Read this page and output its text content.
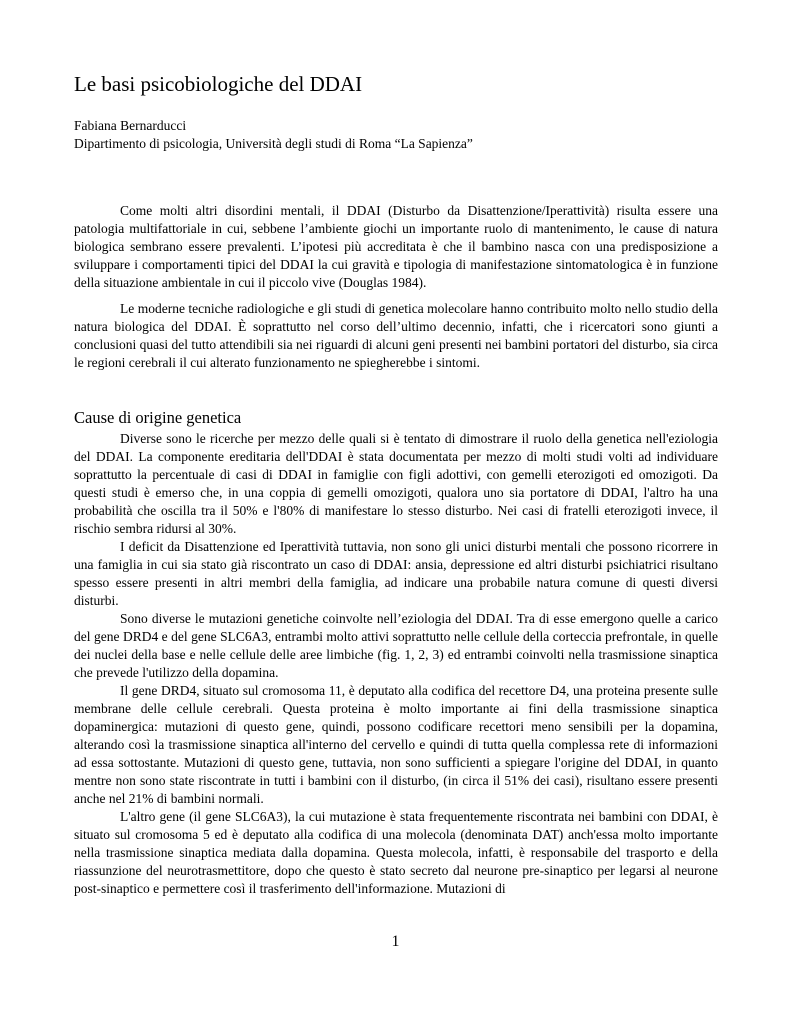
Le basi psicobiologiche del DDAI
Fabiana Bernarducci
Dipartimento di psicologia, Università degli studi di Roma “La Sapienza”

Come molti altri disordini mentali, il DDAI (Disturbo da Disattenzione/Iperattività) risulta essere una patologia multifattoriale in cui, sebbene l’ambiente giochi un importante ruolo di mantenimento, le cause di natura biologica sembrano essere prevalenti. L’ipotesi più accreditata è che il bambino nasca con una predisposizione a sviluppare i comportamenti tipici del DDAI la cui gravità e tipologia di manifestazione sintomatologica è in funzione della situazione ambientale in cui il piccolo vive (Douglas 1984).

Le moderne tecniche radiologiche e gli studi di genetica molecolare hanno contribuito molto nello studio della natura biologica del DDAI. È soprattutto nel corso dell’ultimo decennio, infatti, che i ricercatori sono giunti a conclusioni quasi del tutto attendibili sia nei riguardi di alcuni geni presenti nei bambini portatori del disturbo, sia circa le regioni cerebrali il cui alterato funzionamento ne spiegherebbe i sintomi.

Cause di origine genetica

Diverse sono le ricerche per mezzo delle quali si è tentato di dimostrare il ruolo della genetica nell'eziologia del DDAI. La componente ereditaria dell'DDAI è stata documentata per mezzo di molti studi volti ad individuare soprattutto la percentuale di casi di DDAI in famiglie con figli adottivi, con gemelli eterozigoti ed omozigoti. Da questi studi è emerso che, in una coppia di gemelli omozigoti, qualora uno sia portatore di DDAI, l'altro ha una probabilità che oscilla tra il 50% e l'80% di manifestare lo stesso disturbo. Nei casi di fratelli eterozigoti invece, il rischio sembra ridursi al 30%.

I deficit da Disattenzione ed Iperattività tuttavia, non sono gli unici disturbi mentali che possono ricorrere in una famiglia in cui sia stato già riscontrato un caso di DDAI: ansia, depressione ed altri disturbi psichiatrici risultano spesso essere presenti in altri membri della famiglia, ad indicare una probabile natura comune di questi diversi disturbi.

Sono diverse le mutazioni genetiche coinvolte nell’eziologia del DDAI. Tra di esse emergono quelle a carico del gene DRD4 e del gene SLC6A3, entrambi molto attivi soprattutto nelle cellule della corteccia prefrontale, in quelle dei nuclei della base e nelle cellule delle aree limbiche (fig. 1, 2, 3) ed entrambi coinvolti nella trasmissione sinaptica che prevede l'utilizzo della dopamina.

Il gene DRD4, situato sul cromosoma 11, è deputato alla codifica del recettore D4, una proteina presente sulle membrane delle cellule cerebrali. Questa proteina è molto importante ai fini della trasmissione sinaptica dopaminergica: mutazioni di questo gene, quindi, possono codificare recettori meno sensibili per la dopamina, alterando così la trasmissione sinaptica all'interno del cervello e quindi di tutta quella complessa rete di informazioni ad essa sottostante. Mutazioni di questo gene, tuttavia, non sono sufficienti a spiegare l'origine del DDAI, in quanto mentre non sono state riscontrate in tutti i bambini con il disturbo, (in circa il 51% dei casi), risultano essere presenti anche nel 21% di bambini normali.

L'altro gene (il gene SLC6A3), la cui mutazione è stata frequentemente riscontrata nei bambini con DDAI, è situato sul cromosoma 5 ed è deputato alla codifica di una molecola (denominata DAT) anch'essa molto importante nella trasmissione sinaptica mediata dalla dopamina. Questa molecola, infatti, è responsabile del trasporto e della riassunzione del neurotrasmettitore, dopo che questo è stato secreto dal neurone pre-sinaptico per legarsi al neurone post-sinaptico e permettere così il trasferimento dell'informazione. Mutazioni di

1
